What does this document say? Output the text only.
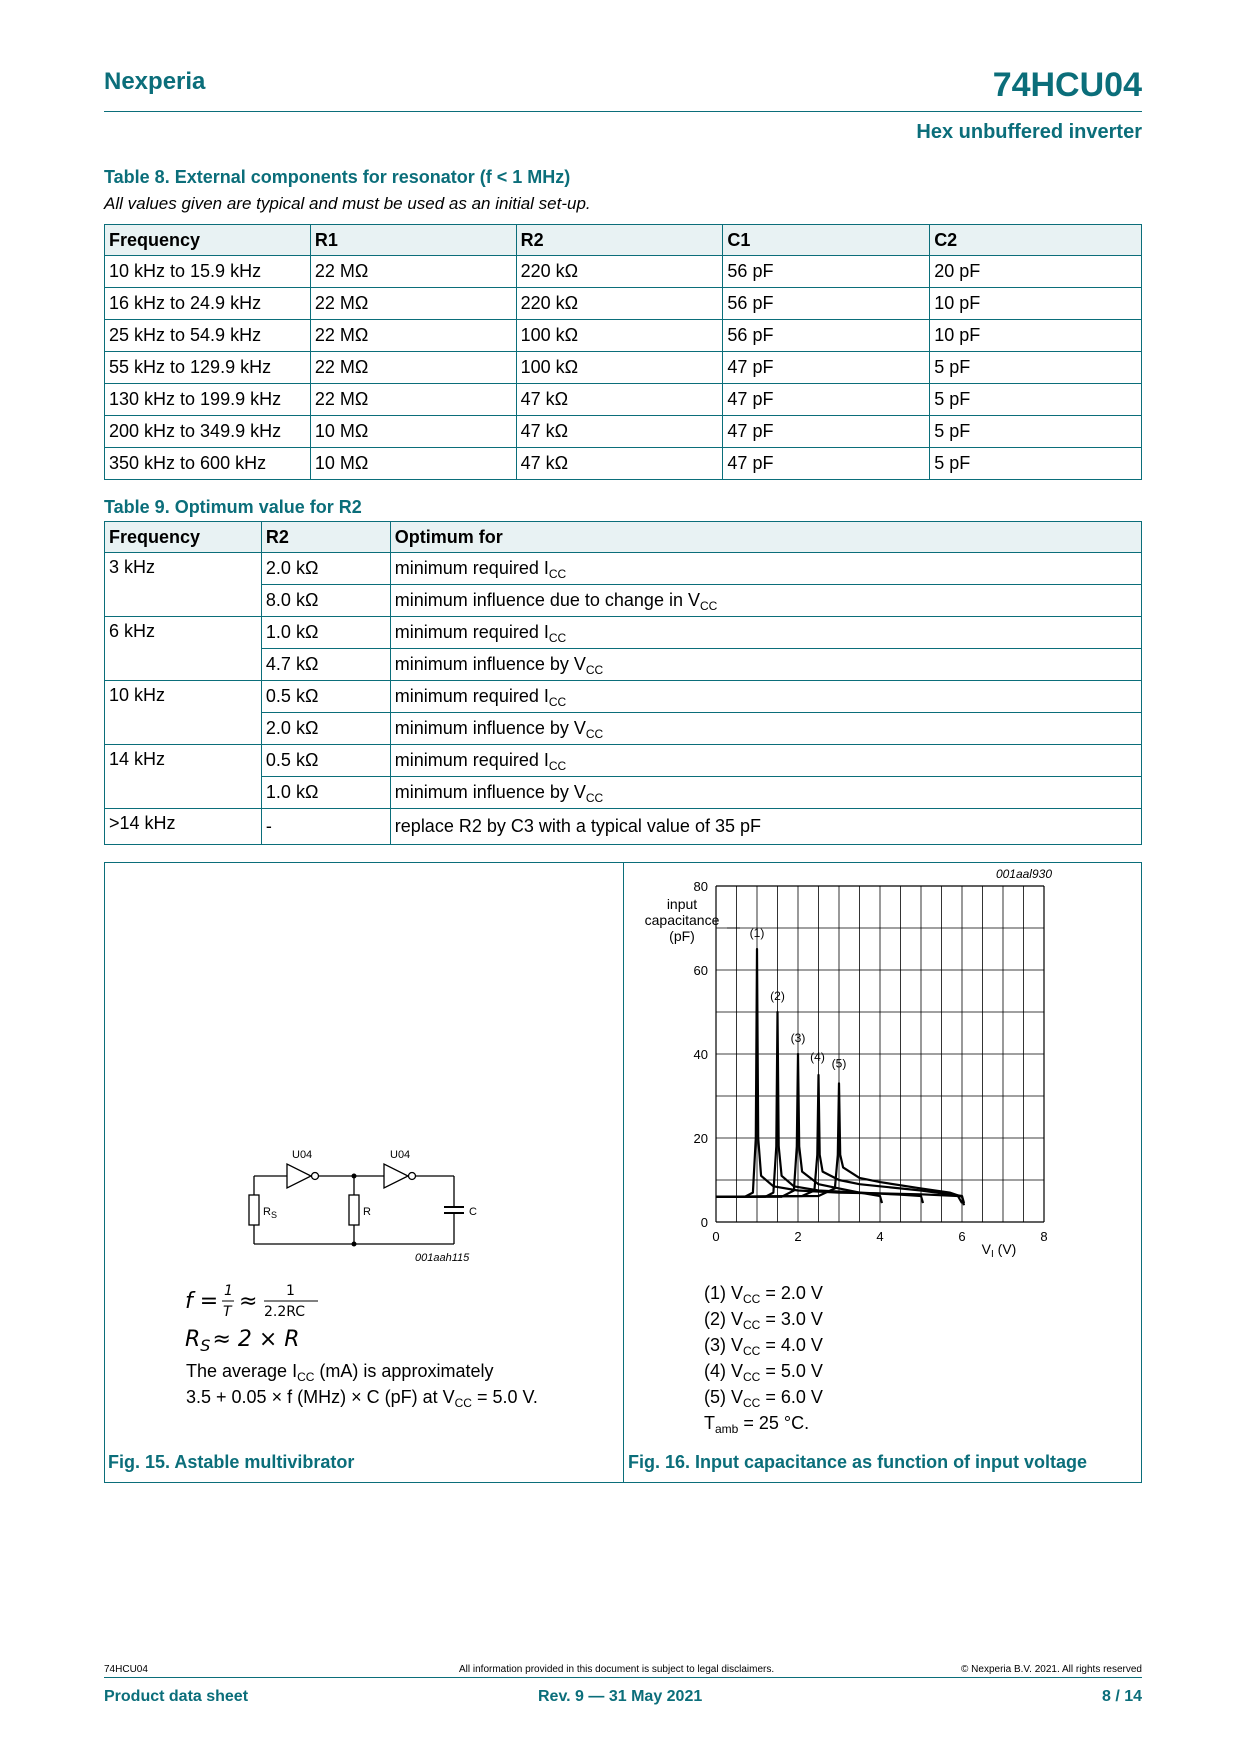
Nexperia	74HCU04
Hex unbuffered inverter
Table 8. External components for resonator (f < 1 MHz)
All values given are typical and must be used as an initial set-up.
Frequency	R1	R2	C1	C2
10 kHz to 15.9 kHz	22 MΩ	220 kΩ	56 pF	20 pF
16 kHz to 24.9 kHz	22 MΩ	220 kΩ	56 pF	10 pF
25 kHz to 54.9 kHz	22 MΩ	100 kΩ	56 pF	10 pF
55 kHz to 129.9 kHz	22 MΩ	100 kΩ	47 pF	5 pF
130 kHz to 199.9 kHz	22 MΩ	47 kΩ	47 pF	5 pF
200 kHz to 349.9 kHz	10 MΩ	47 kΩ	47 pF	5 pF
350 kHz to 600 kHz	10 MΩ	47 kΩ	47 pF	5 pF
Table 9. Optimum value for R2
Frequency	R2	Optimum for
3 kHz	2.0 kΩ	minimum required $I_{CC}$
	8.0 kΩ	minimum influence due to change in $V_{CC}$
6 kHz	1.0 kΩ	minimum required $I_{CC}$
	4.7 kΩ	minimum influence by $V_{CC}$
10 kHz	0.5 kΩ	minimum required $I_{CC}$
	2.0 kΩ	minimum influence by $V_{CC}$
14 kHz	0.5 kΩ	minimum required $I_{CC}$
	1.0 kΩ	minimum influence by $V_{CC}$
>14 kHz	-	replace R2 by C3 with a typical value of 35 pF
U04	U04
$R_S$	R	C
001aah115
f = 1
T ≈ 1
2.2RC
$R_S\approx 2 \times R$
The average $I_{CC}$ (mA) is approximately
3.5 + 0.05 × f (MHz) × C (pF) at $V_{CC} = 5.0$ V.
Fig. 15. Astable multivibrator
0
20
40
60
80
0	2	4	6	8
input
capacitance
(pF)	(1)
(2)
(3)
(4) (5)
$V_I$ (V)
001aal930
(1) $V_{CC} = 2.0$ V
(2) $V_{CC} = 3.0$ V
(3) $V_{CC} = 4.0$ V
(4) $V_{CC} = 5.0$ V
(5) $V_{CC} = 6.0$ V
$T_{amb} = 25$ °C.
Fig. 16. Input capacitance as function of input voltage
74HCU04	All information provided in this document is subject to legal disclaimers.	© Nexperia B.V. 2021. All rights reserved
Product data sheet	Rev. 9 — 31 May 2021	8 / 14
